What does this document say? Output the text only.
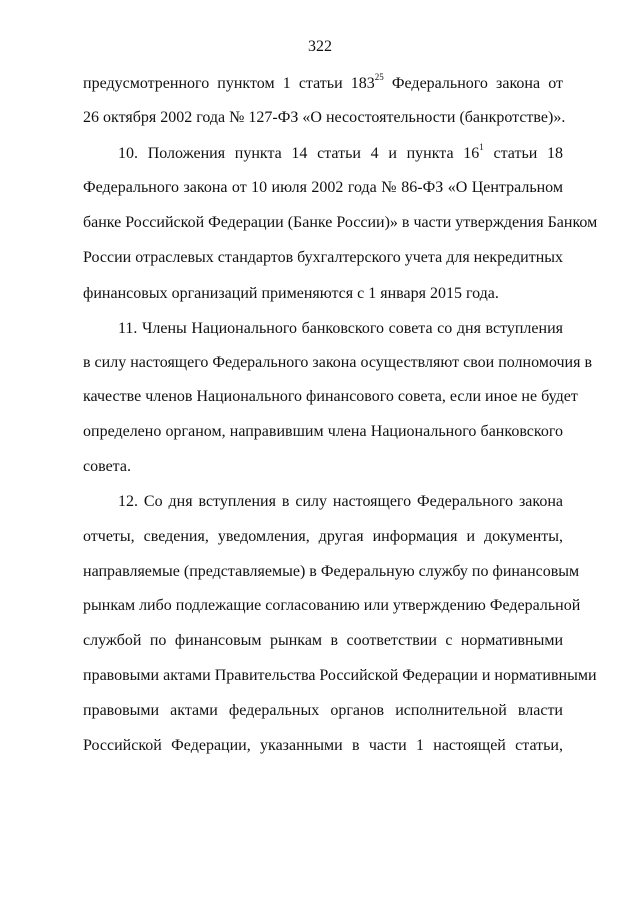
322
предусмотренного пунктом 1 статьи $183^{25}$ Федерального закона от
26 октября 2002 года № 127-ФЗ «О несостоятельности (банкротстве)».
10. Положения пункта 14 статьи 4 и пункта $16^1$ статьи 18
Федерального закона от 10 июля 2002 года № 86-ФЗ «О Центральном
банке Российской Федерации (Банке России)» в части утверждения Банком
России отраслевых стандартов бухгалтерского учета для некредитных
финансовых организаций применяются с 1 января 2015 года.
11. Члены Национального банковского совета со дня вступления
в силу настоящего Федерального закона осуществляют свои полномочия в
качестве членов Национального финансового совета, если иное не будет
определено органом, направившим члена Национального банковского
совета.
12. Со дня вступления в силу настоящего Федерального закона
отчеты, сведения, уведомления, другая информация и документы,
направляемые (представляемые) в Федеральную службу по финансовым
рынкам либо подлежащие согласованию или утверждению Федеральной
службой по финансовым рынкам в соответствии с нормативными
правовыми актами Правительства Российской Федерации и нормативными
правовыми актами федеральных органов исполнительной власти
Российской Федерации, указанными в части 1 настоящей статьи,
